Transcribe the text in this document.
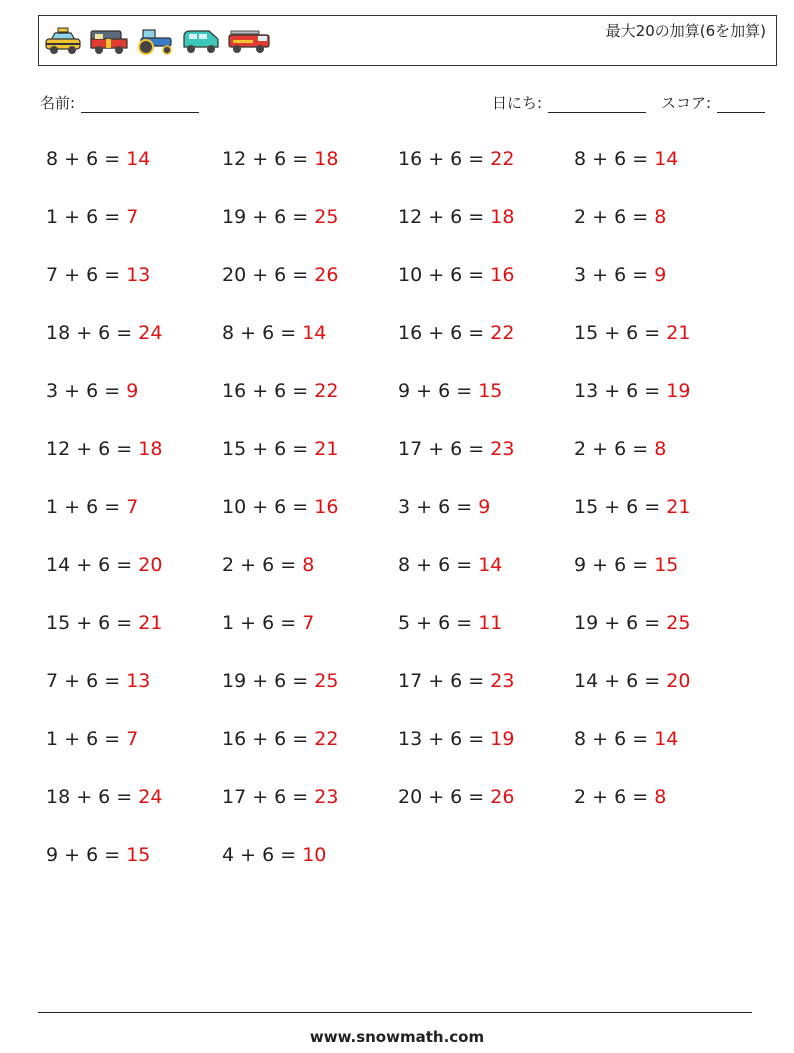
最大20の加算(6を加算)
名前:	日にち:	スコア:
8 + 6 = 14
1 + 6 = 7
7 + 6 = 13
18 + 6 = 24
3 + 6 = 9
12 + 6 = 18
1 + 6 = 7
14 + 6 = 20
15 + 6 = 21
7 + 6 = 13
1 + 6 = 7
18 + 6 = 24
9 + 6 = 15
12 + 6 = 18
19 + 6 = 25
20 + 6 = 26
8 + 6 = 14
16 + 6 = 22
15 + 6 = 21
10 + 6 = 16
2 + 6 = 8
1 + 6 = 7
19 + 6 = 25
16 + 6 = 22
17 + 6 = 23
4 + 6 = 10
16 + 6 = 22
12 + 6 = 18
10 + 6 = 16
16 + 6 = 22
9 + 6 = 15
17 + 6 = 23
3 + 6 = 9
8 + 6 = 14
5 + 6 = 11
17 + 6 = 23
13 + 6 = 19
20 + 6 = 26
8 + 6 = 14
2 + 6 = 8
3 + 6 = 9
15 + 6 = 21
13 + 6 = 19
2 + 6 = 8
15 + 6 = 21
9 + 6 = 15
19 + 6 = 25
14 + 6 = 20
8 + 6 = 14
2 + 6 = 8
www.snowmath.com
